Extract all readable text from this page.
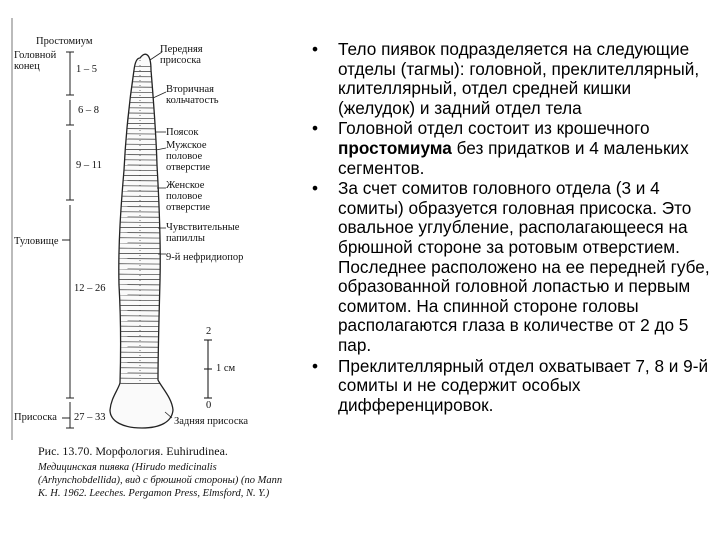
Простомиум
Головной конец	1 – 5
Передняя присоска
6 – 8
Вторичная кольчатость
Поясок
Мужское половое отверстие
9 – 11
Женское половое отверстие
Чувствительные папиллы
9-й нефридиопор
Туловище
12 – 26
2
1 см
0
Присоска 27 – 33	Задняя присоска
Рис. 13.70. Морфология. Euhirudinea.
Медицинская пиявка (Hirudo medicinalis (Arhynchobdellida), вид с брюшной стороны) (по Mann K. H. 1962. Leeches. Pergamon Press, Elmsford, N. Y.)
• Тело пиявок подразделяется на следующие отделы (тагмы): головной, преклителлярный, клителлярный, отдел средней кишки (желудок) и задний отдел тела
• Головной отдел состоит из крошечного простомиума без придатков и 4 маленьких сегментов.
• За счет сомитов головного отдела (3 и 4 сомиты) образуется головная присоска. Это овальное углубление, располагающееся на брюшной стороне за ротовым отверстием. Последнее расположено на ее передней губе, образованной головной лопастью и первым сомитом. На спинной стороне головы располагаются глаза в количестве от 2 до 5 пар.
• Преклителлярный отдел охватывает 7, 8 и 9-й сомиты и не содержит особых дифференцировок.
